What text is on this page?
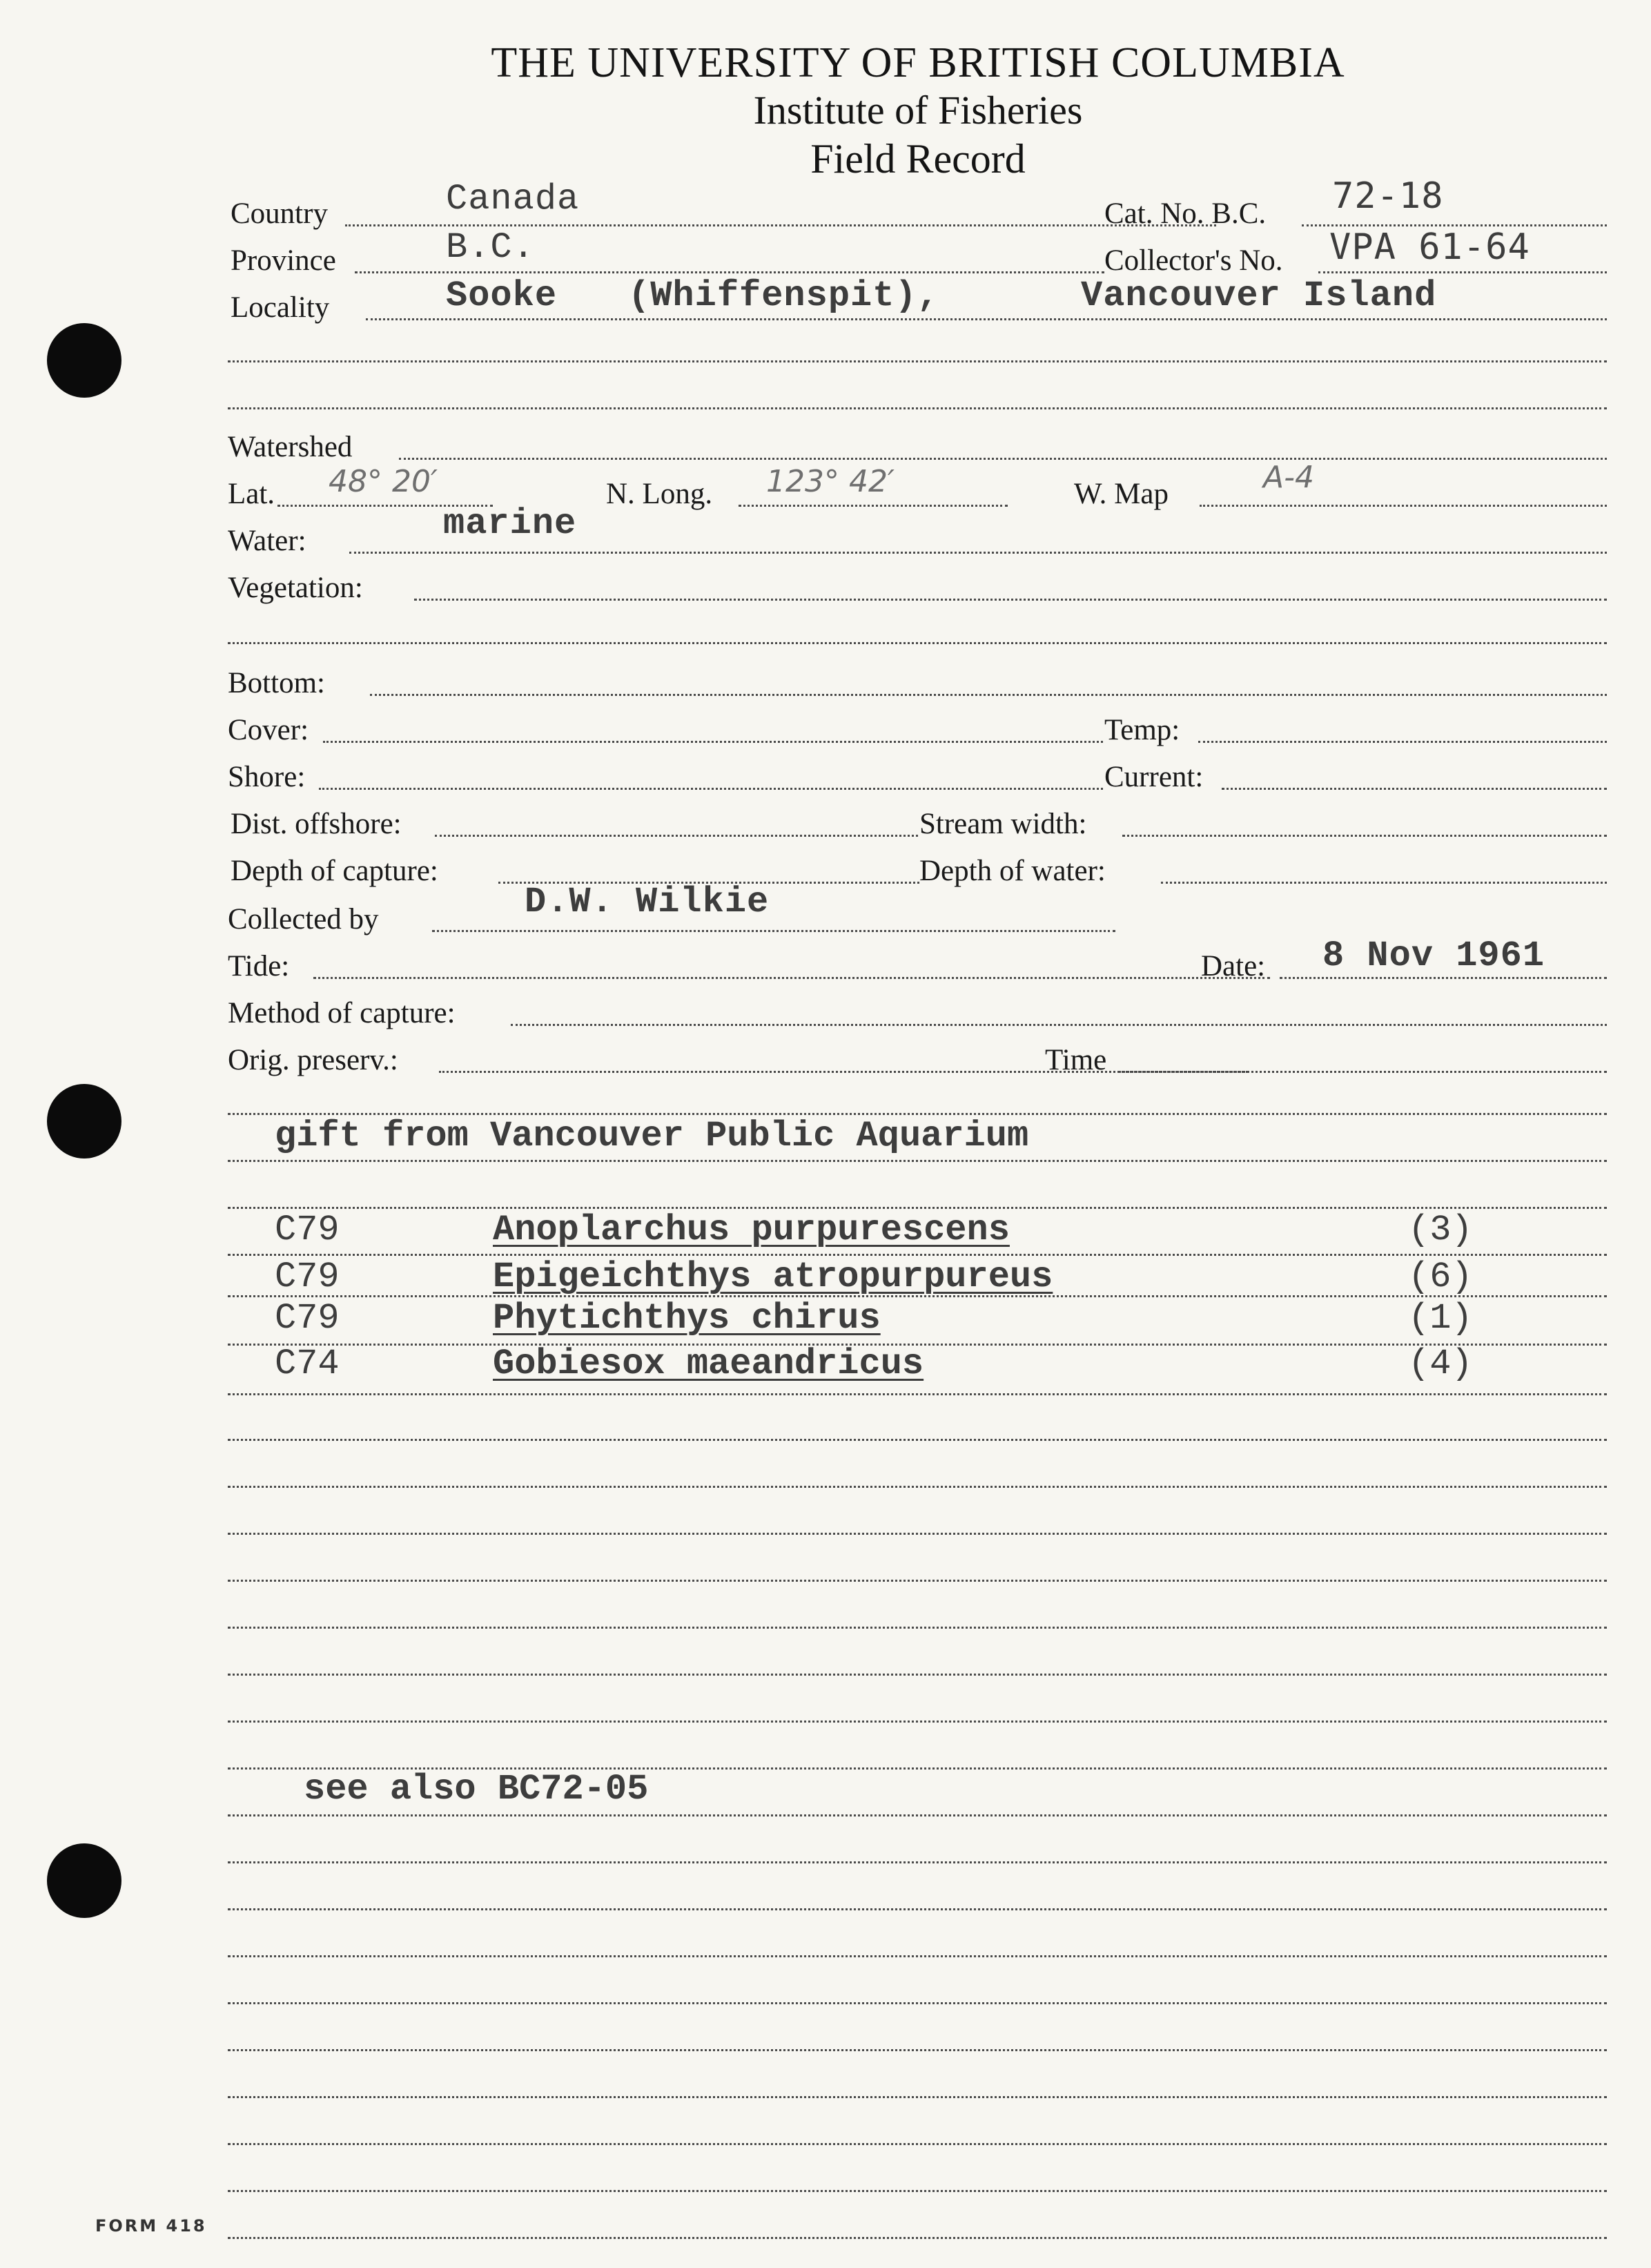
THE UNIVERSITY OF BRITISH COLUMBIA
Institute of Fisheries
Field Record
Country	Canada	Cat. No. B.C. 72-18
Province	B.C.	Collector's No. VPA 61-64
Locality	Sooke (Whiffenspit),	Vancouver Island
Watershed
Lat. 48° 20′	N. Long. 123° 42′	W. Map	A-4
Water:	marine
Vegetation:
Bottom:
Cover:	Temp:
Shore:	Current:
Dist. offshore:	Stream width:
Depth of capture:	Depth of water:
Collected by	D.W. Wilkie
Tide:	Date: 8 Nov 1961
Method of capture:
Orig. preserv.:	Time
gift from Vancouver Public Aquarium
C79	Anoplarchus purpurescens	(3)
C79	Epigeichthys atropurpureus	(6)
C79	Phytichthys chirus	(1)
C74	Gobiesox maeandricus	(4)
see also BC72-05
FORM 418
